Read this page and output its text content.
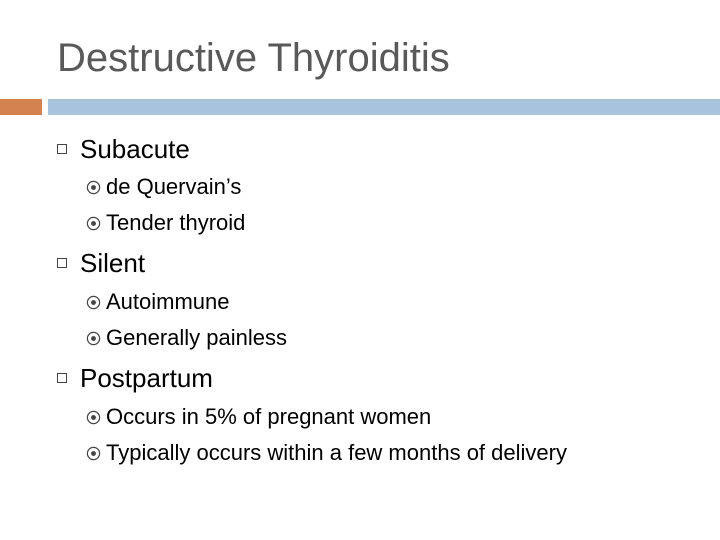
Destructive Thyroiditis
Subacute
de Quervain’s
Tender thyroid
Silent
Autoimmune
Generally painless
Postpartum
Occurs in 5% of pregnant women
Typically occurs within a few months of delivery
